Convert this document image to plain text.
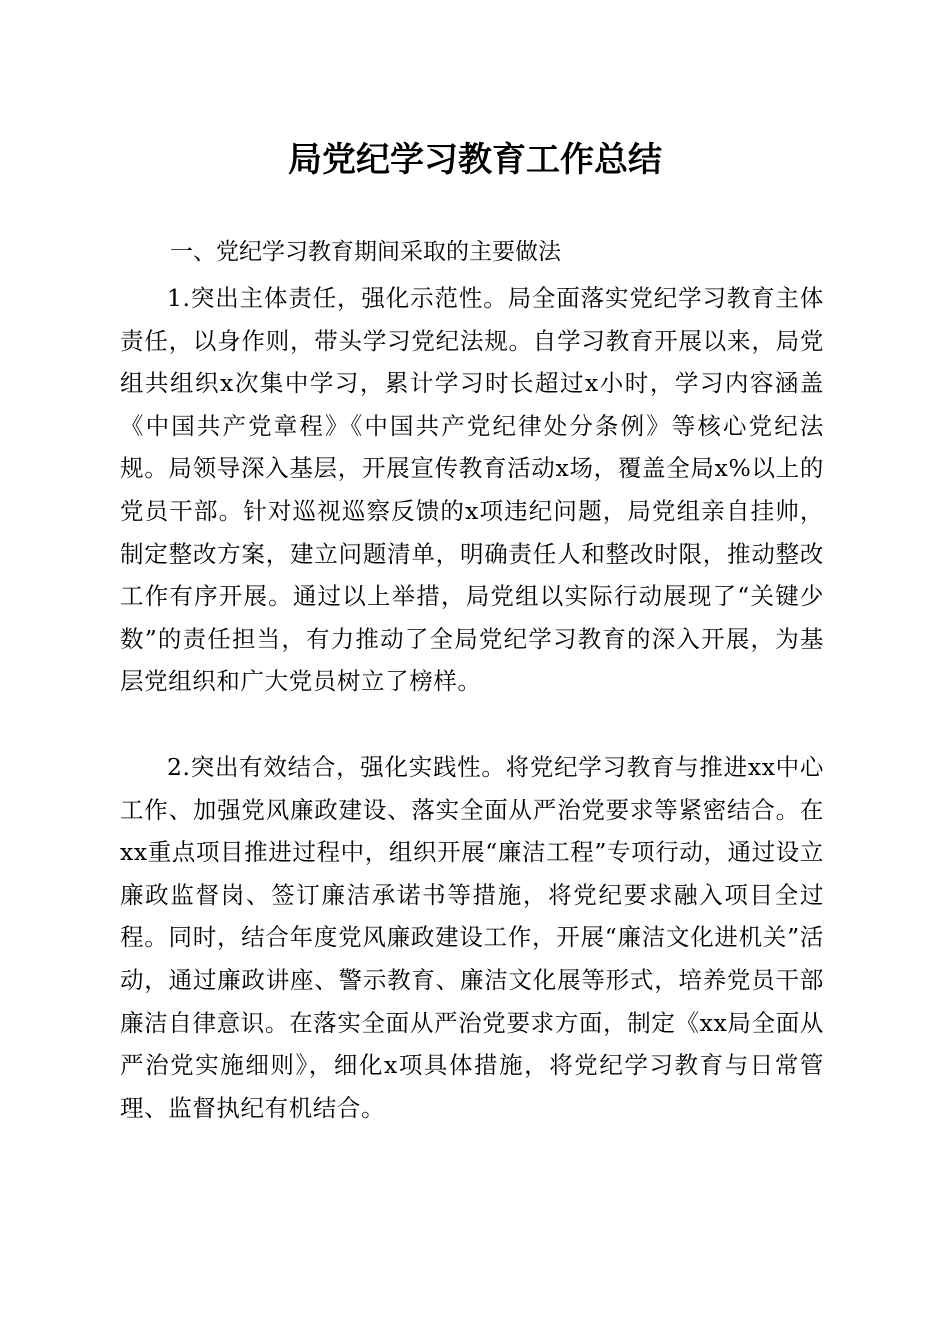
局党纪学习教育工作总结
一、党纪学习教育期间采取的主要做法

1.突出主体责任，强化示范性。局全面落实党纪学习教育主体责任，以身作则，带头学习党纪法规。自学习教育开展以来，局党组共组织x次集中学习，累计学习时长超过x小时，学习内容涵盖《中国共产党章程》《中国共产党纪律处分条例》等核心党纪法规。局领导深入基层，开展宣传教育活动x场，覆盖全局x%以上的党员干部。针对巡视巡察反馈的x项违纪问题，局党组亲自挂帅，制定整改方案，建立问题清单，明确责任人和整改时限，推动整改工作有序开展。通过以上举措，局党组以实际行动展现了“关键少数”的责任担当，有力推动了全局党纪学习教育的深入开展，为基层党组织和广大党员树立了榜样。

2.突出有效结合，强化实践性。将党纪学习教育与推进xx中心工作、加强党风廉政建设、落实全面从严治党要求等紧密结合。在xx重点项目推进过程中，组织开展“廉洁工程”专项行动，通过设立廉政监督岗、签订廉洁承诺书等措施，将党纪要求融入项目全过程。同时，结合年度党风廉政建设工作，开展“廉洁文化进机关”活动，通过廉政讲座、警示教育、廉洁文化展等形式，培养党员干部廉洁自律意识。在落实全面从严治党要求方面，制定《xx局全面从严治党实施细则》，细化x项具体措施，将党纪学习教育与日常管理、监督执纪有机结合。
